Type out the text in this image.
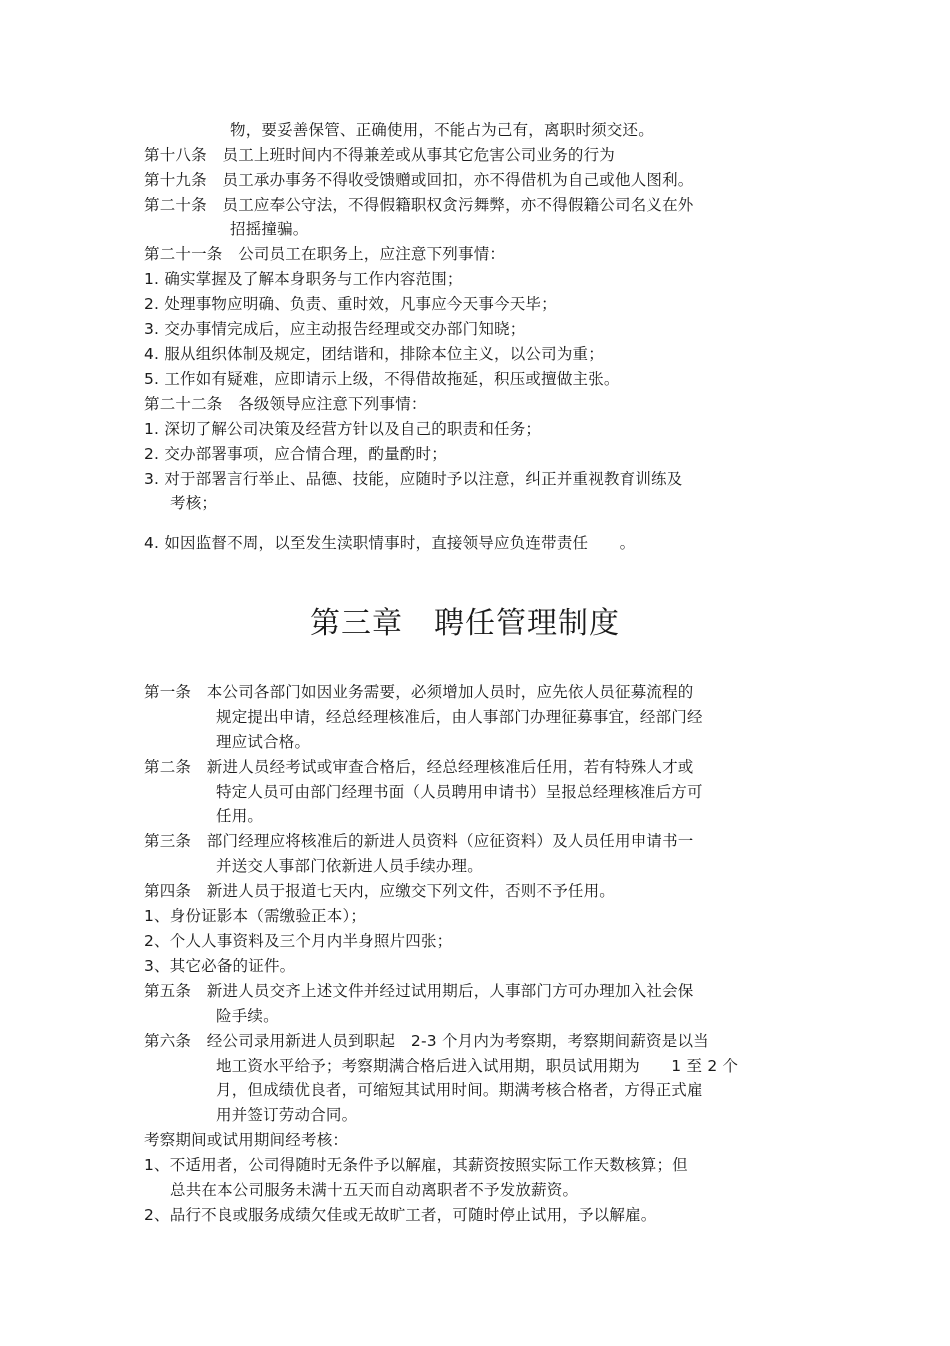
物，要妥善保管、正确使用，不能占为己有，离职时须交还。
第十八条　员工上班时间内不得兼差或从事其它危害公司业务的行为
第十九条　员工承办事务不得收受馈赠或回扣，亦不得借机为自己或他人图利。
第二十条　员工应奉公守法，不得假籍职权贪污舞弊，亦不得假籍公司名义在外
招摇撞骗。
第二十一条　公司员工在职务上，应注意下列事情：
1. 确实掌握及了解本身职务与工作内容范围；
2. 处理事物应明确、负责、重时效，凡事应今天事今天毕；
3. 交办事情完成后，应主动报告经理或交办部门知晓；
4. 服从组织体制及规定，团结谐和，排除本位主义，以公司为重；
5. 工作如有疑难，应即请示上级，不得借故拖延，积压或擅做主张。
第二十二条　各级领导应注意下列事情：
1. 深切了解公司决策及经营方针以及自己的职责和任务；
2. 交办部署事项，应合情合理，酌量酌时；
3. 对于部署言行举止、品德、技能，应随时予以注意，纠正并重视教育训练及
考核；
4. 如因监督不周，以至发生渎职情事时，直接领导应负连带责任　　。
第三章　聘任管理制度
第一条　本公司各部门如因业务需要，必须增加人员时，应先依人员征募流程的
规定提出申请，经总经理核准后，由人事部门办理征募事宜，经部门经
理应试合格。
第二条　新进人员经考试或审查合格后，经总经理核准后任用，若有特殊人才或
特定人员可由部门经理书面（人员聘用申请书）呈报总经理核准后方可
任用。
第三条　部门经理应将核准后的新进人员资料（应征资料）及人员任用申请书一
并送交人事部门依新进人员手续办理。
第四条　新进人员于报道七天内，应缴交下列文件，否则不予任用。
1、身份证影本（需缴验正本）；
2、个人人事资料及三个月内半身照片四张；
3、其它必备的证件。
第五条　新进人员交齐上述文件并经过试用期后，人事部门方可办理加入社会保
险手续。
第六条　经公司录用新进人员到职起　2-3 个月内为考察期，考察期间薪资是以当
地工资水平给予；考察期满合格后进入试用期，职员试用期为　　1 至 2 个
月，但成绩优良者，可缩短其试用时间。期满考核合格者，方得正式雇
用并签订劳动合同。
考察期间或试用期间经考核：
1、不适用者，公司得随时无条件予以解雇，其薪资按照实际工作天数核算；但
总共在本公司服务未满十五天而自动离职者不予发放薪资。
2、品行不良或服务成绩欠佳或无故旷工者，可随时停止试用，予以解雇。
